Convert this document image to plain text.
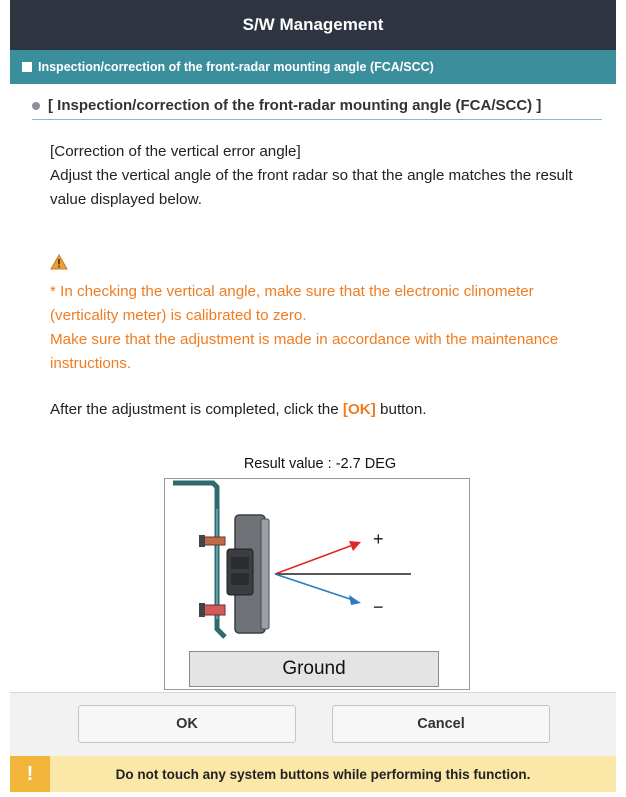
S/W Management
Inspection/correction of the front-radar mounting angle (FCA/SCC)
[ Inspection/correction of the front-radar mounting angle (FCA/SCC) ]

[Correction of the vertical error angle]

Adjust the vertical angle of the front radar so that the angle matches the result value displayed below.

* In checking the vertical angle, make sure that the electronic clinometer (verticality meter) is calibrated to zero.

Make sure that the adjustment is made in accordance with the maintenance instructions.

After the adjustment is completed, click the [OK] button.

Result value : -2.7 DEG
+
−
Ground
OK	Cancel
!	Do not touch any system buttons while performing this function.
